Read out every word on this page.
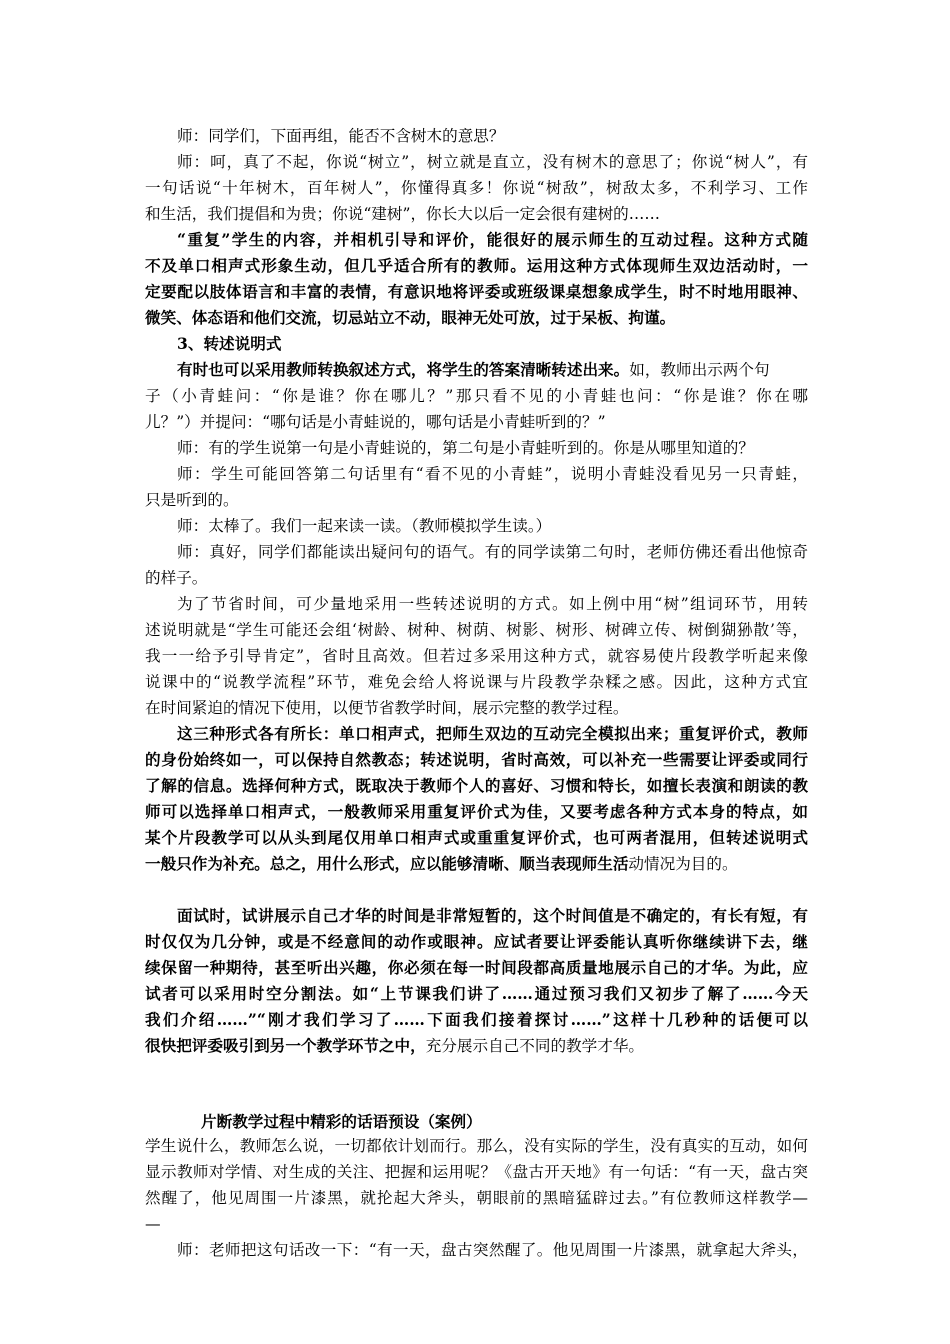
师：同学们，下面再组，能否不含树木的意思？
师：呵，真了不起，你说“树立”，树立就是直立，没有树木的意思了；你说“树人”，有
一句话说“十年树木，百年树人”，你懂得真多！你说“树敌”，树敌太多，不利学习、工作
和生活，我们提倡和为贵；你说“建树”，你长大以后一定会很有建树的……
“重复”学生的内容，并相机引导和评价，能很好的展示师生的互动过程。这种方式随
不及单口相声式形象生动，但几乎适合所有的教师。运用这种方式体现师生双边活动时，一
定要配以肢体语言和丰富的表情，有意识地将评委或班级课桌想象成学生，时不时地用眼神、
微笑、体态语和他们交流，切忌站立不动，眼神无处可放，过于呆板、拘谨。
3、转述说明式
有时也可以采用教师转换叙述方式，将学生的答案清晰转述出来。如，教师出示两个句
子（小青蛙问：“你是谁？你在哪儿？”那只看不见的小青蛙也问：“你是谁？你在哪
儿？”）并提问：“哪句话是小青蛙说的，哪句话是小青蛙听到的？”
师：有的学生说第一句是小青蛙说的，第二句是小青蛙听到的。你是从哪里知道的？
师：学生可能回答第二句话里有“看不见的小青蛙”，说明小青蛙没看见另一只青蛙，
只是听到的。
师：太棒了。我们一起来读一读。（教师模拟学生读。）
师：真好，同学们都能读出疑问句的语气。有的同学读第二句时，老师仿佛还看出他惊奇
的样子。
为了节省时间，可少量地采用一些转述说明的方式。如上例中用“树”组词环节，用转
述说明就是“学生可能还会组‘树龄、树种、树荫、树影、树形、树碑立传、树倒猢狲散’等，
我一一给予引导肯定”，省时且高效。但若过多采用这种方式，就容易使片段教学听起来像
说课中的“说教学流程”环节，难免会给人将说课与片段教学杂糅之感。因此，这种方式宜
在时间紧迫的情况下使用，以便节省教学时间，展示完整的教学过程。
这三种形式各有所长：单口相声式，把师生双边的互动完全模拟出来；重复评价式，教师
的身份始终如一，可以保持自然教态；转述说明，省时高效，可以补充一些需要让评委或同行
了解的信息。选择何种方式，既取决于教师个人的喜好、习惯和特长，如擅长表演和朗读的教
师可以选择单口相声式，一般教师采用重复评价式为佳，又要考虑各种方式本身的特点，如
某个片段教学可以从头到尾仅用单口相声式或重重复评价式，也可两者混用，但转述说明式
一般只作为补充。总之，用什么形式，应以能够清晰、顺当表现师生活动情况为目的。
面试时，试讲展示自己才华的时间是非常短暂的，这个时间值是不确定的，有长有短，有
时仅仅为几分钟，或是不经意间的动作或眼神。应试者要让评委能认真听你继续讲下去，继
续保留一种期待，甚至听出兴趣，你必须在每一时间段都高质量地展示自己的才华。为此，应
试者可以采用时空分割法。如“上节课我们讲了……通过预习我们又初步了解了……今天
我们介绍……”“刚才我们学习了……下面我们接着探讨……”这样十几秒种的话便可以
很快把评委吸引到另一个教学环节之中，充分展示自己不同的教学才华。
片断教学过程中精彩的话语预设（案例）
学生说什么，教师怎么说，一切都依计划而行。那么，没有实际的学生，没有真实的互动，如何
显示教师对学情、对生成的关注、把握和运用呢？《盘古开天地》有一句话：“有一天，盘古突
然醒了，他见周围一片漆黑，就抡起大斧头，朝眼前的黑暗猛辟过去。”有位教师这样教学—
—
师：老师把这句话改一下：“有一天，盘古突然醒了。他见周围一片漆黑，就拿起大斧头，
